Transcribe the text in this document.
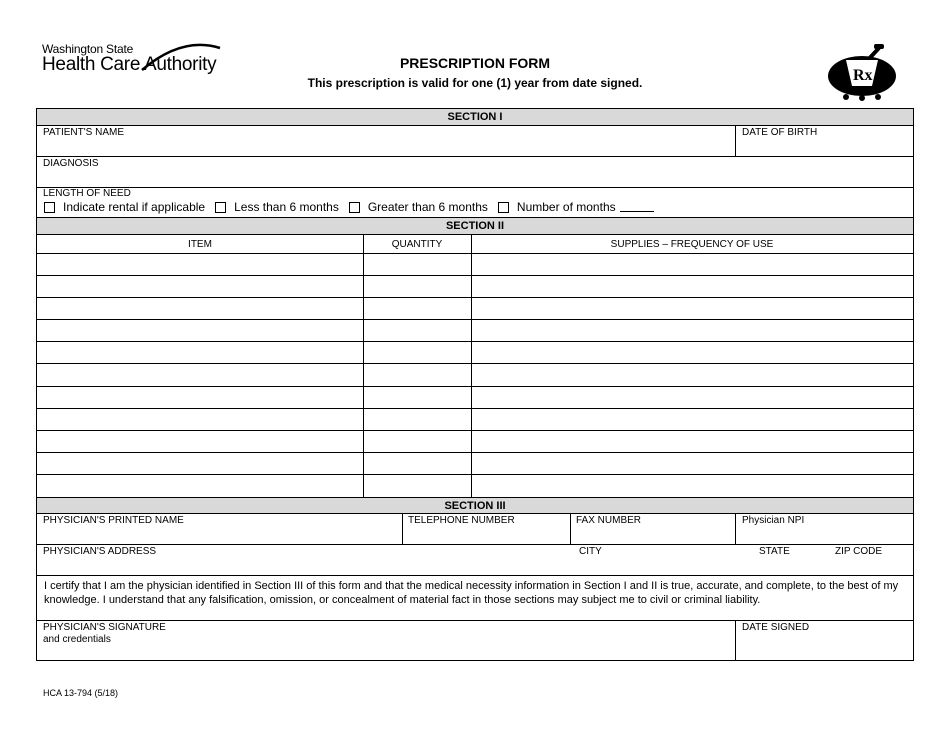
Washington State
Health Care Authority	PRESCRIPTION FORM
This prescription is valid for one (1) year from date signed.	Rx
SECTION I
PATIENT'S NAME	DATE OF BIRTH
DIAGNOSIS
LENGTH OF NEED
Indicate rental if applicable Less than 6 months Greater than 6 months Number of months
SECTION II
ITEM	QUANTITY	SUPPLIES – FREQUENCY OF USE
SECTION III
PHYSICIAN'S PRINTED NAME	TELEPHONE NUMBER	FAX NUMBER	Physician NPI
PHYSICIAN'S ADDRESS	CITY	STATE	ZIP CODE
I certify that I am the physician identified in Section III of this form and that the medical necessity information in Section I and II is true, accurate, and complete, to the best of my knowledge. I understand that any falsification, omission, or concealment of material fact in those sections may subject me to civil or criminal liability.
PHYSICIAN'S SIGNATURE
and credentials
DATE SIGNED
HCA 13-794 (5/18)
